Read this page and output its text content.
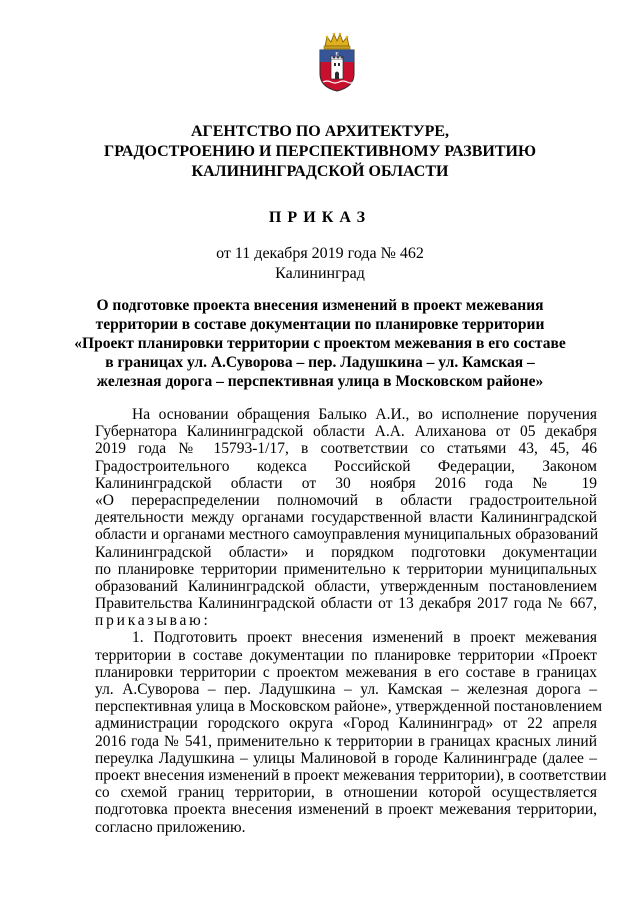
E
АГЕНТСТВО ПО АРХИТЕКТУРЕ,
ГРАДОСТРОЕНИЮ И ПЕРСПЕКТИВНОМУ РАЗВИТИЮ
КАЛИНИНГРАДСКОЙ ОБЛАСТИ
ПРИКАЗ
от 11 декабря 2019 года № 462
Калининград
О подготовке проекта внесения изменений в проект межевания
территории в составе документации по планировке территории
«Проект планировки территории с проектом межевания в его составе
в границах ул. А.Суворова – пер. Ладушкина – ул. Камская –
железная дорога – перспективная улица в Московском районе»
На основании обращения Балыко А.И., во исполнение поручения
Губернатора Калининградской области А.А. Алиханова от 05 декабря
2019 года № 15793-1/17, в соответствии со статьями 43, 45, 46
Градостроительного кодекса Российской Федерации, Законом
Калининградской области от 30 ноября 2016 года № 19
«О перераспределении полномочий в области градостроительной
деятельности между органами государственной власти Калининградской
области и органами местного самоуправления муниципальных образований
Калининградской области» и порядком подготовки документации
по планировке территории применительно к территории муниципальных
образований Калининградской области, утвержденным постановлением
Правительства Калининградской области от 13 декабря 2017 года № 667,
приказываю:
1. Подготовить проект внесения изменений в проект межевания
территории в составе документации по планировке территории «Проект
планировки территории с проектом межевания в его составе в границах
ул. А.Суворова – пер. Ладушкина – ул. Камская – железная дорога –
перспективная улица в Московском районе», утвержденной постановлением
администрации городского округа «Город Калининград» от 22 апреля
2016 года № 541, применительно к территории в границах красных линий
переулка Ладушкина – улицы Малиновой в городе Калининграде (далее –
проект внесения изменений в проект межевания территории), в соответствии
со схемой границ территории, в отношении которой осуществляется
подготовка проекта внесения изменений в проект межевания территории,
согласно приложению.
